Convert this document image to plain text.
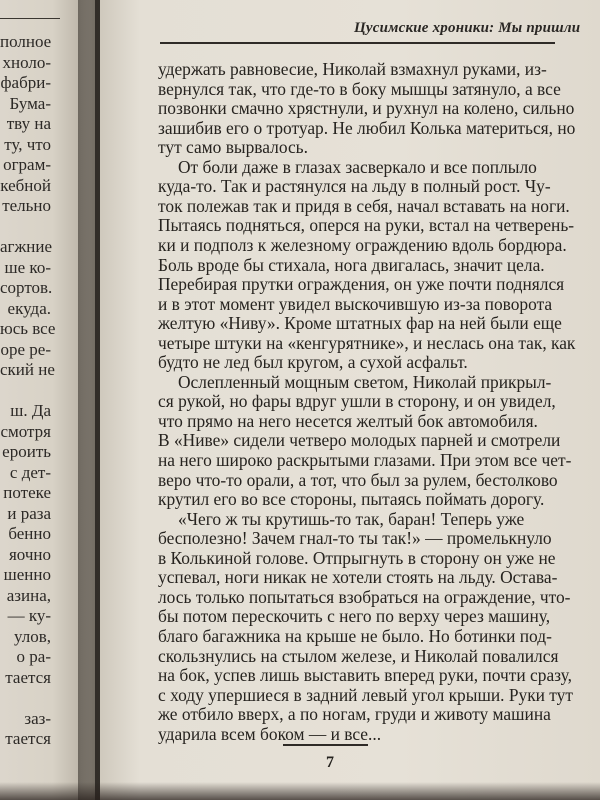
полное
хноло-
фабри-
Бума-
тву на
ту, что
огpaм-
кебной
тельно
агжние
ше ко-
сортов.
екуда.
юсь все
оре ре-
ский не
ш. Да
смотря
ероить
с дет-
потеке
и раза
бенно
яочно
шенно
азина,
— ку-
улов,
о ра-
тается
заз-
тается
Цусимские хроники: Мы пришли
удержать равновесие, Николай взмахнул руками, из-
вернулся так, что где-то в боку мышцы затянуло, а все
позвонки смачно хрястнули, и рухнул на колено, сильно
зашибив его о тротуар. Не любил Колька материться, но
тут само вырвалось.
От боли даже в глазах засверкало и все поплыло
куда-то. Так и растянулся на льду в полный рост. Чу-
ток полежав так и придя в себя, начал вставать на ноги.
Пытаясь подняться, оперся на руки, встал на четверень-
ки и подполз к железному ограждению вдоль бордюра.
Боль вроде бы стихала, нога двигалась, значит цела.
Перебирая прутки ограждения, он уже почти поднялся
и в этот момент увидел выскочившую из-за поворота
желтую «Ниву». Кроме штатных фар на ней были еще
четыре штуки на «кенгурятнике», и неслась она так, как
будто не лед был кругом, а сухой асфальт.
Ослепленный мощным светом, Николай прикрыл-
ся рукой, но фары вдруг ушли в сторону, и он увидел,
что прямо на него несется желтый бок автомобиля.
В «Ниве» сидели четверо молодых парней и смотрели
на него широко раскрытыми глазами. При этом все чет-
веро что-то орали, а тот, что был за рулем, бестолково
крутил его во все стороны, пытаясь поймать дорогу.
«Чего ж ты крутишь-то так, баран! Теперь уже
бесполезно! Зачем гнал-то ты так!» — промелькнуло
в Колькиной голове. Отпрыгнуть в сторону он уже не
успевал, ноги никак не хотели стоять на льду. Остава-
лось только попытаться взобраться на ограждение, что-
бы потом перескочить с него по верху через машину,
благо багажника на крыше не было. Но ботинки под-
скользнулись на стылом железе, и Николай повалился
на бок, успев лишь выставить вперед руки, почти сразу,
с ходу упершиеся в задний левый угол крыши. Руки тут
же отбило вверх, а по ногам, груди и животу машина
ударила всем боком — и все...
7
